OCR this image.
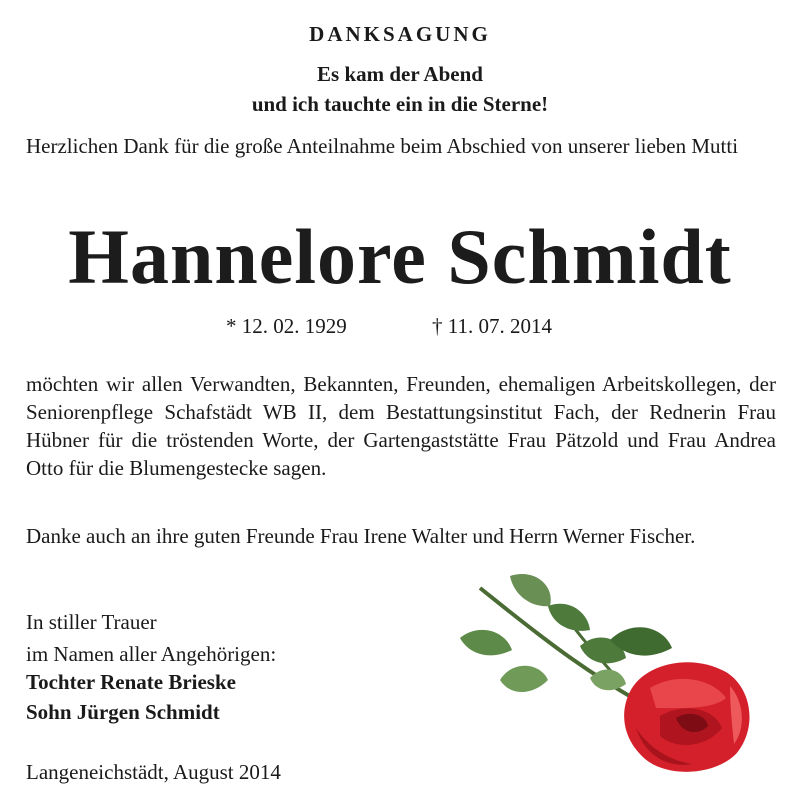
DANKSAGUNG
Es kam der Abend
und ich tauchte ein in die Sterne!
Herzlichen Dank für die große Anteilnahme beim Abschied von unserer lieben Mutti
Hannelore Schmidt
* 12. 02. 1929	† 11. 07. 2014
möchten wir allen Verwandten, Bekannten, Freunden, ehemaligen Arbeitskollegen, der Seniorenpflege Schafstädt WB II, dem Bestattungsinstitut Fach, der Rednerin Frau Hübner für die tröstenden Worte, der Gartengaststätte Frau Pätzold und Frau Andrea Otto für die Blumengestecke sagen.
Danke auch an ihre guten Freunde Frau Irene Walter und Herrn Werner Fischer.
In stiller Trauer
im Namen aller Angehörigen:
Tochter Renate Brieske
Sohn Jürgen Schmidt
Langeneichstädt, August 2014
